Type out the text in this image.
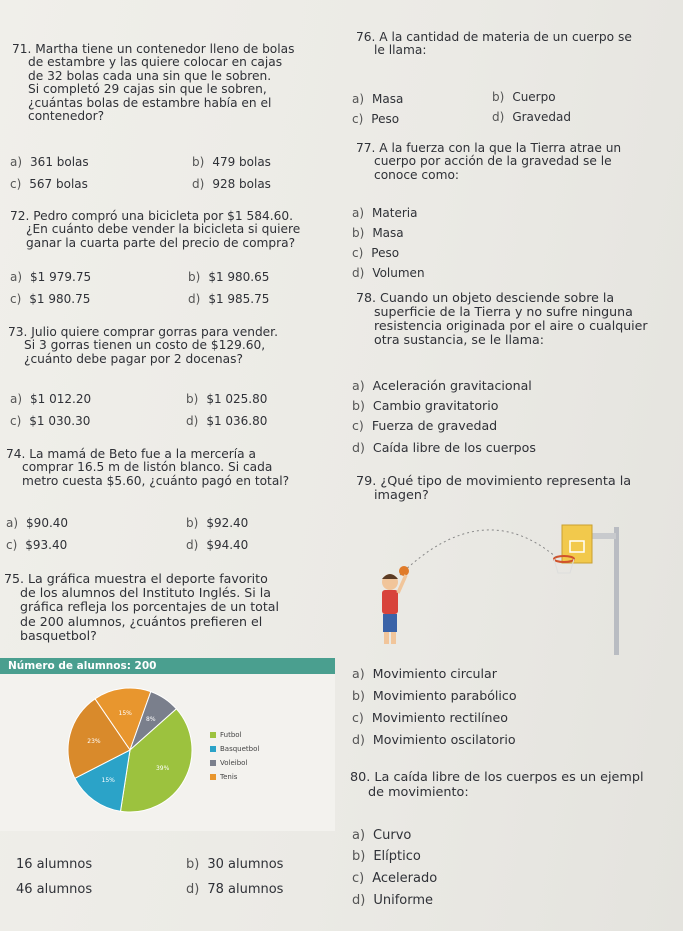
71. Martha tiene un contenedor lleno de bolas
de estambre y las quiere colocar en cajas
de 32 bolas cada una sin que le sobren.
Si completó 29 cajas sin que le sobren,
¿cuántas bolas de estambre había en el
contenedor?
a) 361 bolas	b) 479 bolas
c) 567 bolas	d) 928 bolas
72. Pedro compró una bicicleta por $1 584.60.
¿En cuánto debe vender la bicicleta si quiere
ganar la cuarta parte del precio de compra?
a) $1 979.75	b) $1 980.65
c) $1 980.75	d) $1 985.75
73. Julio quiere comprar gorras para vender.
Si 3 gorras tienen un costo de $129.60,
¿cuánto debe pagar por 2 docenas?
a) $1 012.20	b) $1 025.80
c) $1 030.30	d) $1 036.80
74. La mamá de Beto fue a la mercería a
comprar 16.5 m de listón blanco. Si cada
metro cuesta $5.60, ¿cuánto pagó en total?
a) $90.40	b) $92.40
c) $93.40	d) $94.40
75. La gráfica muestra el deporte favorito
de los alumnos del Instituto Inglés. Si la
gráfica refleja los porcentajes de un total
de 200 alumnos, ¿cuántos prefieren el
basquetbol?
Número de alumnos: 200
15%
8%
39%
15%
23%
Futbol
Basquetbol
Voleibol
Tenis
16 alumnos	b) 30 alumnos
46 alumnos	d) 78 alumnos
76. A la cantidad de materia de un cuerpo se
le llama:
a) Masa	b) Cuerpo
c) Peso	d) Gravedad
77. A la fuerza con la que la Tierra atrae un
cuerpo por acción de la gravedad se le
conoce como:
a) Materia
b) Masa
c) Peso
d) Volumen
78. Cuando un objeto desciende sobre la
superficie de la Tierra y no sufre ninguna
resistencia originada por el aire o cualquier
otra sustancia, se le llama:
a) Aceleración gravitacional
b) Cambio gravitatorio
c) Fuerza de gravedad
d) Caída libre de los cuerpos
79. ¿Qué tipo de movimiento representa la
imagen?
a) Movimiento circular
b) Movimiento parabólico
c) Movimiento rectilíneo
d) Movimiento oscilatorio
80. La caída libre de los cuerpos es un ejempl
de movimiento:
a) Curvo
b) Elíptico
c) Acelerado
d) Uniforme
